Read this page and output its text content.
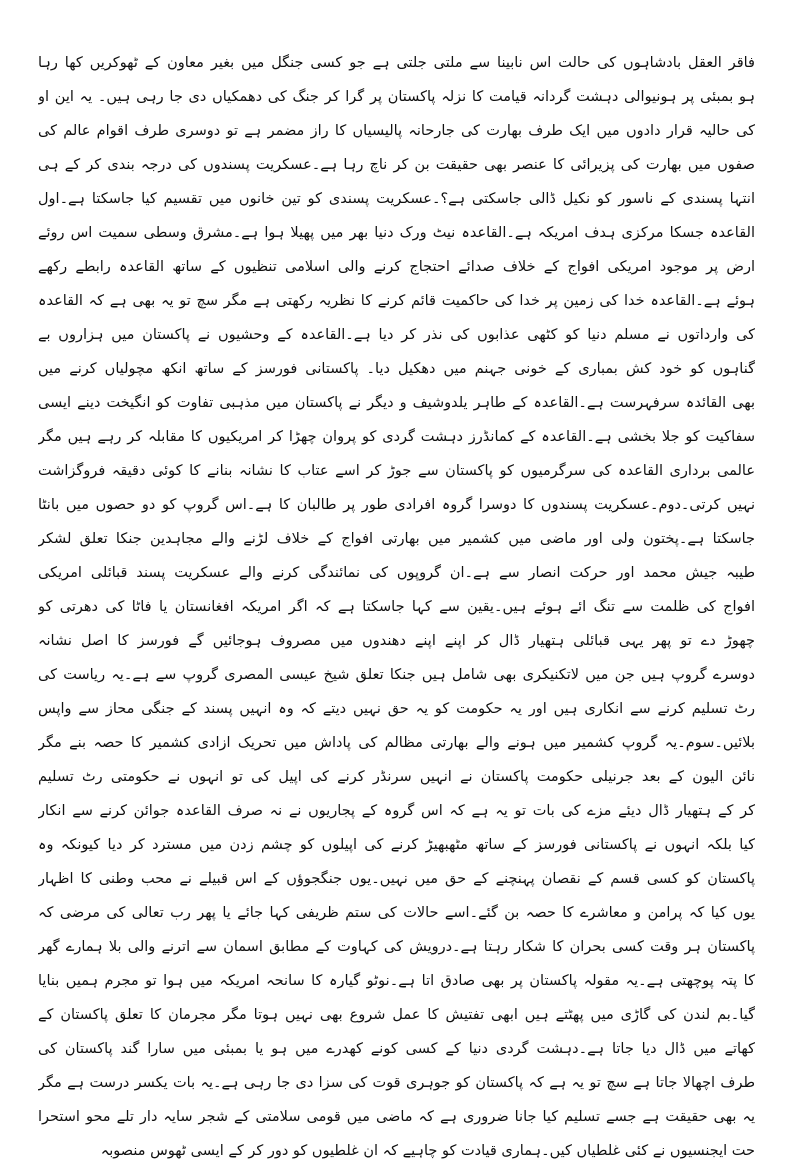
فاقر العقل بادشاہوں کی حالت اس نابینا سے ملتی جلتی ہے جو کسی جنگل میں بغیر معاون کے ٹھوکریں کھا رہا
ہو بمبئی پر ہونیوالی دہشت گردانہ قیامت کا نزلہ پاکستان پر گرا کر جنگ کی دھمکیاں دی جا رہی ہیں۔ یہ این او
کی حالیہ قرار دادوں میں ایک طرف بھارت کی جارحانہ پالیسیاں کا راز مضمر ہے تو دوسری طرف اقوام عالم کی
صفوں میں بھارت کی پزیرائی کا عنصر بھی حقیقت بن کر ناچ رہا ہے۔عسکریت پسندوں کی درجہ بندی کر کے ہی
انتہا پسندی کے ناسور کو نکیل ڈالی جاسکتی ہے؟۔عسکریت پسندی کو تین خانوں میں تقسیم کیا جاسکتا ہے۔اول
القاعدہ جسکا مرکزی ہدف امریکہ ہے۔القاعدہ نیٹ ورک دنیا بھر میں پھیلا ہوا ہے۔مشرق وسطی سمیت اس روئے
ارض پر موجود امریکی افواج کے خلاف صدائے احتجاج کرنے والی اسلامی تنظیوں کے ساتھ القاعدہ رابطے رکھے
ہوئے ہے۔القاعدہ خدا کی زمین پر خدا کی حاکمیت قائم کرنے کا نظریہ رکھتی ہے مگر سچ تو یہ بھی ہے کہ القاعدہ
کی وارداتوں نے مسلم دنیا کو کٹھی عذابوں کی نذر کر دیا ہے۔القاعدہ کے وحشیوں نے پاکستان میں ہزاروں بے
گناہوں کو خود کش بمباری کے خونی جہنم میں دھکیل دیا۔ پاکستانی فورسز کے ساتھ انکھ مچولیاں کرنے میں
بھی القائدہ سرفہرست ہے۔القاعدہ کے طاہر یلدوشیف و دیگر نے پاکستان میں مذہبی تفاوت کو انگیخت دینے ایسی
سفاکیت کو جلا بخشی ہے۔القاعدہ کے کمانڈرز دہشت گردی کو پروان چھڑا کر امریکیوں کا مقابلہ کر رہے ہیں مگر
عالمی برداری القاعدہ کی سرگرمیوں کو پاکستان سے جوڑ کر اسے عتاب کا نشانہ بنانے کا کوئی دقیقہ فروگزاشت
نہیں کرتی۔دوم۔عسکریت پسندوں کا دوسرا گروہ افرادی طور پر طالبان کا ہے۔اس گروپ کو دو حصوں میں بانٹا
جاسکتا ہے۔پختون ولی اور ماضی میں کشمیر میں بھارتی افواج کے خلاف لڑنے والے مجاہدین جنکا تعلق لشکر
طیبہ جیش محمد اور حرکت انصار سے ہے۔ان گروپوں کی نمائندگی کرنے والے عسکریت پسند قبائلی امریکی
افواج کی ظلمت سے تنگ ائے ہوئے ہیں۔یقین سے کہا جاسکتا ہے کہ اگر امریکہ افغانستان یا فاٹا کی دھرتی کو
چھوڑ دے تو پھر یہی قبائلی ہتھیار ڈال کر اپنے اپنے دھندوں میں مصروف ہوجائیں گے فورسز کا اصل نشانہ
دوسرے گروپ ہیں جن میں لاتکنیکری بھی شامل ہیں جنکا تعلق شیخ عیسی المصری گروپ سے ہے۔یہ ریاست کی
رٹ تسلیم کرنے سے انکاری ہیں اور یہ حکومت کو یہ حق نہیں دیتے کہ وہ انہیں پسند کے جنگی محاز سے واپس
بلائیں۔سوم۔یہ گروپ کشمیر میں ہونے والے بھارتی مظالم کی پاداش میں تحریک ازادی کشمیر کا حصہ بنے مگر
نائن الیون کے بعد جرنیلی حکومت پاکستان نے انہیں سرنڈر کرنے کی اپیل کی تو انہوں نے حکومتی رٹ تسلیم
کر کے ہتھیار ڈال دیئے مزے کی بات تو یہ ہے کہ اس گروہ کے پجاریوں نے نہ صرف القاعدہ جوائن کرنے سے انکار
کیا بلکہ انہوں نے پاکستانی فورسز کے ساتھ مٹھبھیڑ کرنے کی اپیلوں کو چشم زدن میں مسترد کر دیا کیونکہ وہ
پاکستان کو کسی قسم کے نقصان پہنچنے کے حق میں نہیں۔یوں جنگجوؤں کے اس قبیلے نے محب وطنی کا اظہار
یوں کیا کہ پرامن و معاشرے کا حصہ بن گئے۔اسے حالات کی ستم ظریفی کہا جائے یا پھر رب تعالی کی مرضی کہ
پاکستان ہر وقت کسی بحران کا شکار رہتا ہے۔درویش کی کہاوت کے مطابق اسمان سے اترنے والی بلا ہمارے گھر
کا پتہ پوچھتی ہے۔یہ مقولہ پاکستان پر بھی صادق اتا ہے۔نوٹو گیارہ کا سانحہ امریکہ میں ہوا تو مجرم ہمیں بنایا
گیا۔بم لندن کی گاڑی میں پھٹتے ہیں ابھی تفتیش کا عمل شروع بھی نہیں ہوتا مگر مجرمان کا تعلق پاکستان کے
کھاتے میں ڈال دیا جاتا ہے۔دہشت گردی دنیا کے کسی کونے کھدرے میں ہو یا بمبئی میں سارا گند پاکستان کی
طرف اچھالا جاتا ہے سچ تو یہ ہے کہ پاکستان کو جوہری قوت کی سزا دی جا رہی ہے۔یہ بات یکسر درست ہے مگر
یہ بھی حقیقت ہے جسے تسلیم کیا جانا ضروری ہے کہ ماضی میں قومی سلامتی کے شجر سایہ دار تلے محو استحرا
حت ایجنسیوں نے کئی غلطیاں کیں۔ہماری قیادت کو چاہیے کہ ان غلطیوں کو دور کر کے ایسی ٹھوس منصوبہ
